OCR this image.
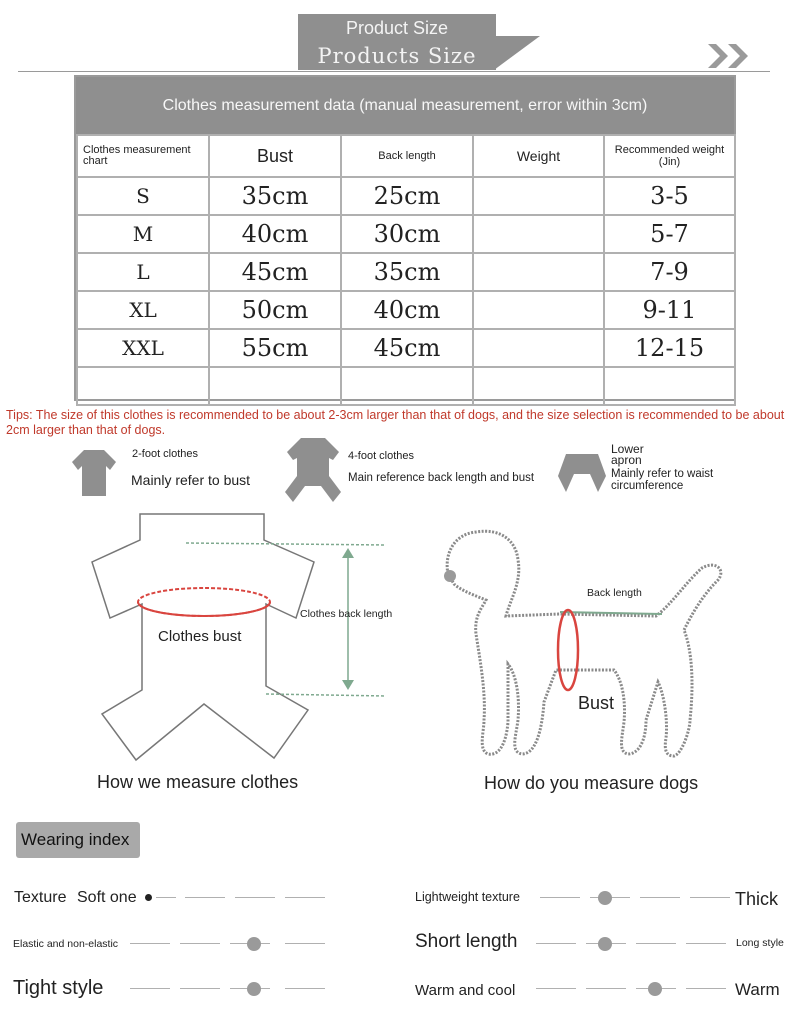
Product Size
Products Size
Clothes measurement data (manual measurement, error within 3cm)
Clothes measurement chart	Bust	Back length	Weight	Recommended weight (Jin)
S	35cm	25cm		3-5
M	40cm	30cm		5-7
L	45cm	35cm		7-9
XL	50cm	40cm		9-11
XXL	55cm	45cm		12-15

Tips: The size of this clothes is recommended to be about 2-3cm larger than that of dogs, and the size selection is recommended to be about 2cm larger than that of dogs.
2-foot clothes
Mainly refer to bust
4-foot clothes
Main reference back length and bust
Lower apron
Mainly refer to waist circumference
Clothes bust
Clothes back length
How we measure clothes
Back length
Bust
How do you measure dogs
Wearing index
Texture Soft one
Elastic and non-elastic
Tight style
Lightweight texture	Thick
Short length	Long style
Warm and cool	Warm
